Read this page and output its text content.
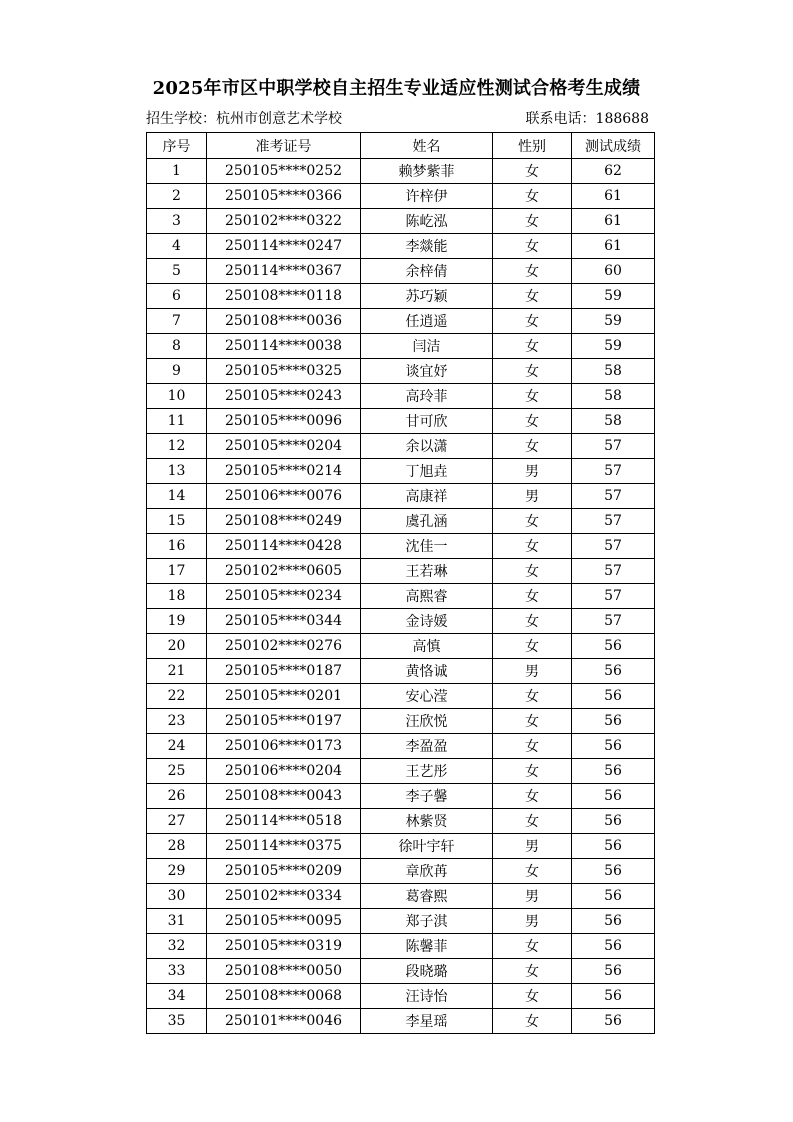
2025年市区中职学校自主招生专业适应性测试合格考生成绩
招生学校：杭州市创意艺术学校	联系电话：188688
序号	准考证号	姓名	性别	测试成绩
1	250105****0252	赖梦紫菲	女	62
2	250105****0366	许梓伊	女	61
3	250102****0322	陈屹泓	女	61
4	250114****0247	李燚能	女	61
5	250114****0367	余梓倩	女	60
6	250108****0118	苏巧颖	女	59
7	250108****0036	任逍遥	女	59
8	250114****0038	闫洁	女	59
9	250105****0325	谈宜妤	女	58
10	250105****0243	高玲菲	女	58
11	250105****0096	甘可欣	女	58
12	250105****0204	余以潇	女	57
13	250105****0214	丁旭垚	男	57
14	250106****0076	高康祥	男	57
15	250108****0249	虞孔涵	女	57
16	250114****0428	沈佳一	女	57
17	250102****0605	王若琳	女	57
18	250105****0234	高熙睿	女	57
19	250105****0344	金诗媛	女	57
20	250102****0276	高慎	女	56
21	250105****0187	黄恪诚	男	56
22	250105****0201	安心滢	女	56
23	250105****0197	汪欣悦	女	56
24	250106****0173	李盈盈	女	56
25	250106****0204	王艺彤	女	56
26	250108****0043	李子馨	女	56
27	250114****0518	林紫贤	女	56
28	250114****0375	徐叶宇轩	男	56
29	250105****0209	章欣苒	女	56
30	250102****0334	葛睿熙	男	56
31	250105****0095	郑子淇	男	56
32	250105****0319	陈馨菲	女	56
33	250108****0050	段晓璐	女	56
34	250108****0068	汪诗怡	女	56
35	250101****0046	李星瑶	女	56
